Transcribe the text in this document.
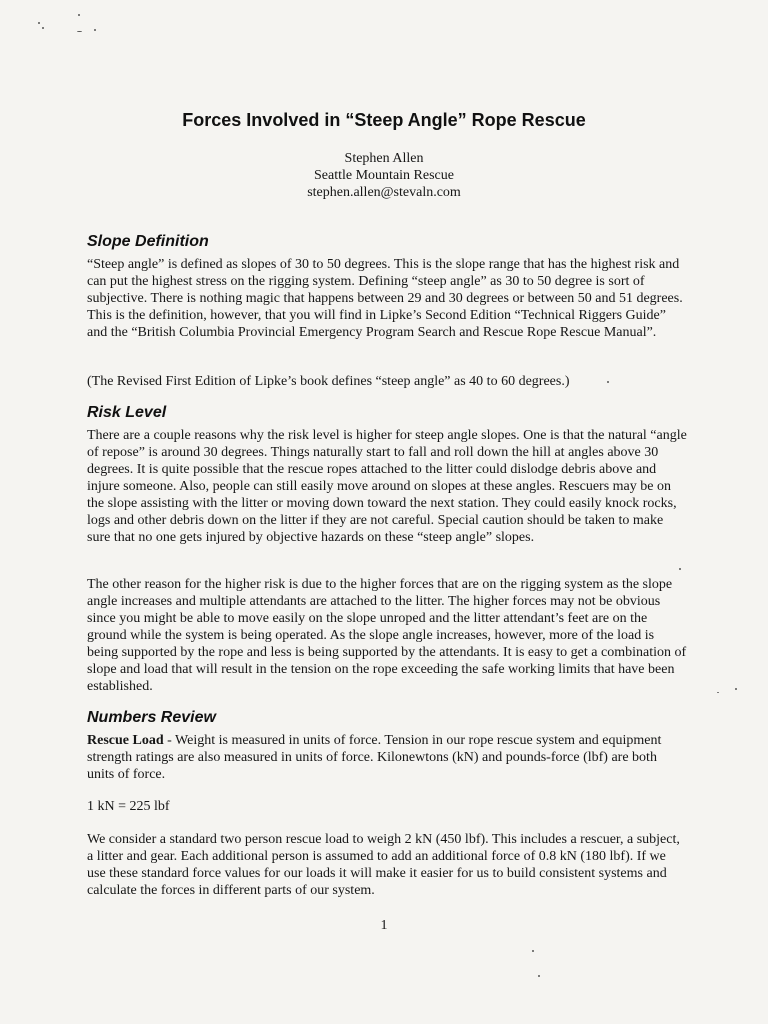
Forces Involved in “Steep Angle” Rope Rescue
Stephen Allen
Seattle Mountain Rescue
stephen.allen@stevaln.com
Slope Definition

“Steep angle” is defined as slopes of 30 to 50 degrees. This is the slope range that has the highest risk and can put the highest stress on the rigging system. Defining “steep angle” as 30 to 50 degree is sort of subjective. There is nothing magic that happens between 29 and 30 degrees or between 50 and 51 degrees. This is the definition, however, that you will find in Lipke’s Second Edition “Technical Riggers Guide” and the “British Columbia Provincial Emergency Program Search and Rescue Rope Rescue Manual”.

(The Revised First Edition of Lipke’s book defines “steep angle” as 40 to 60 degrees.)

Risk Level

There are a couple reasons why the risk level is higher for steep angle slopes. One is that the natural “angle of repose” is around 30 degrees. Things naturally start to fall and roll down the hill at angles above 30 degrees. It is quite possible that the rescue ropes attached to the litter could dislodge debris above and injure someone. Also, people can still easily move around on slopes at these angles. Rescuers may be on the slope assisting with the litter or moving down toward the next station. They could easily knock rocks, logs and other debris down on the litter if they are not careful. Special caution should be taken to make sure that no one gets injured by objective hazards on these “steep angle” slopes.

The other reason for the higher risk is due to the higher forces that are on the rigging system as the slope angle increases and multiple attendants are attached to the litter. The higher forces may not be obvious since you might be able to move easily on the slope unroped and the litter attendant’s feet are on the ground while the system is being operated. As the slope angle increases, however, more of the load is being supported by the rope and less is being supported by the attendants. It is easy to get a combination of slope and load that will result in the tension on the rope exceeding the safe working limits that have been established.

Numbers Review

Rescue Load - Weight is measured in units of force. Tension in our rope rescue system and equipment strength ratings are also measured in units of force. Kilonewtons (kN) and pounds-force (lbf) are both units of force.

1 kN = 225 lbf

We consider a standard two person rescue load to weigh 2 kN (450 lbf). This includes a rescuer, a subject, a litter and gear. Each additional person is assumed to add an additional force of 0.8 kN (180 lbf). If we use these standard force values for our loads it will make it easier for us to build consistent systems and calculate the forces in different parts of our system.

1
